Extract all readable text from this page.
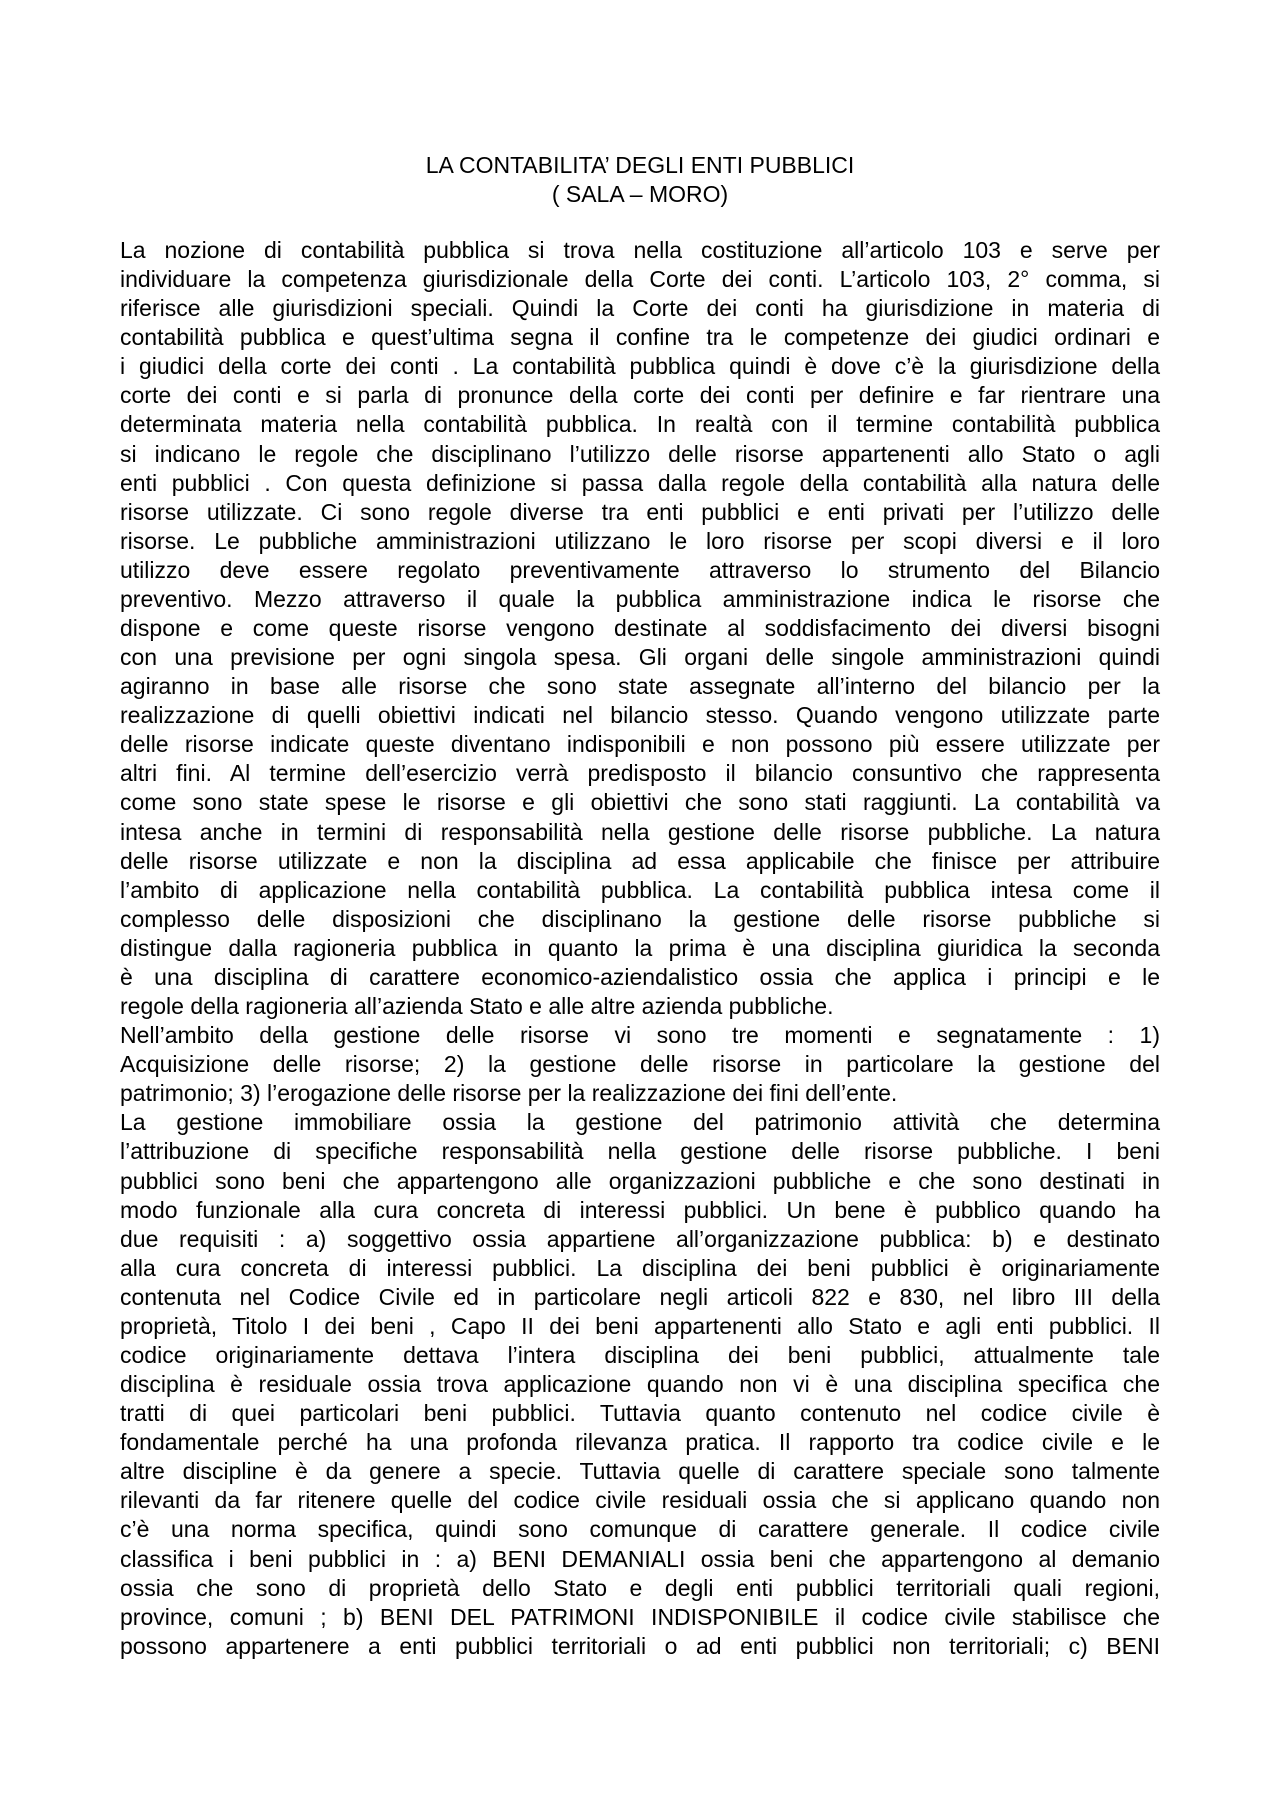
LA CONTABILITA’ DEGLI ENTI PUBBLICI
( SALA – MORO)
La nozione di contabilità pubblica si trova nella costituzione all’articolo 103 e serve per
individuare la competenza giurisdizionale della Corte dei conti. L’articolo 103, 2° comma, si
riferisce alle giurisdizioni speciali. Quindi la Corte dei conti ha giurisdizione in materia di
contabilità pubblica e quest’ultima segna il confine tra le competenze dei giudici ordinari e
i giudici della corte dei conti . La contabilità pubblica quindi è dove c’è la giurisdizione della
corte dei conti e si parla di pronunce della corte dei conti per definire e far rientrare una
determinata materia nella contabilità pubblica. In realtà con il termine contabilità pubblica
si indicano le regole che disciplinano l’utilizzo delle risorse appartenenti allo Stato o agli
enti pubblici . Con questa definizione si passa dalla regole della contabilità alla natura delle
risorse utilizzate. Ci sono regole diverse tra enti pubblici e enti privati per l’utilizzo delle
risorse. Le pubbliche amministrazioni utilizzano le loro risorse per scopi diversi e il loro
utilizzo deve essere regolato preventivamente attraverso lo strumento del Bilancio
preventivo. Mezzo attraverso il quale la pubblica amministrazione indica le risorse che
dispone e come queste risorse vengono destinate al soddisfacimento dei diversi bisogni
con una previsione per ogni singola spesa. Gli organi delle singole amministrazioni quindi
agiranno in base alle risorse che sono state assegnate all’interno del bilancio per la
realizzazione di quelli obiettivi indicati nel bilancio stesso. Quando vengono utilizzate parte
delle risorse indicate queste diventano indisponibili e non possono più essere utilizzate per
altri fini. Al termine dell’esercizio verrà predisposto il bilancio consuntivo che rappresenta
come sono state spese le risorse e gli obiettivi che sono stati raggiunti. La contabilità va
intesa anche in termini di responsabilità nella gestione delle risorse pubbliche. La natura
delle risorse utilizzate e non la disciplina ad essa applicabile che finisce per attribuire
l’ambito di applicazione nella contabilità pubblica. La contabilità pubblica intesa come il
complesso delle disposizioni che disciplinano la gestione delle risorse pubbliche si
distingue dalla ragioneria pubblica in quanto la prima è una disciplina giuridica la seconda
è una disciplina di carattere economico-aziendalistico ossia che applica i principi e le
regole della ragioneria all’azienda Stato e alle altre azienda pubbliche.
Nell’ambito della gestione delle risorse vi sono tre momenti e segnatamente : 1)
Acquisizione delle risorse; 2) la gestione delle risorse in particolare la gestione del
patrimonio; 3) l’erogazione delle risorse per la realizzazione dei fini dell’ente.
La gestione immobiliare ossia la gestione del patrimonio attività che determina
l’attribuzione di specifiche responsabilità nella gestione delle risorse pubbliche. I beni
pubblici sono beni che appartengono alle organizzazioni pubbliche e che sono destinati in
modo funzionale alla cura concreta di interessi pubblici. Un bene è pubblico quando ha
due requisiti : a) soggettivo ossia appartiene all’organizzazione pubblica: b) e destinato
alla cura concreta di interessi pubblici. La disciplina dei beni pubblici è originariamente
contenuta nel Codice Civile ed in particolare negli articoli 822 e 830, nel libro III della
proprietà, Titolo I dei beni , Capo II dei beni appartenenti allo Stato e agli enti pubblici. Il
codice originariamente dettava l’intera disciplina dei beni pubblici, attualmente tale
disciplina è residuale ossia trova applicazione quando non vi è una disciplina specifica che
tratti di quei particolari beni pubblici. Tuttavia quanto contenuto nel codice civile è
fondamentale perché ha una profonda rilevanza pratica. Il rapporto tra codice civile e le
altre discipline è da genere a specie. Tuttavia quelle di carattere speciale sono talmente
rilevanti da far ritenere quelle del codice civile residuali ossia che si applicano quando non
c’è una norma specifica, quindi sono comunque di carattere generale. Il codice civile
classifica i beni pubblici in : a) BENI DEMANIALI ossia beni che appartengono al demanio
ossia che sono di proprietà dello Stato e degli enti pubblici territoriali quali regioni,
province, comuni ; b) BENI DEL PATRIMONI INDISPONIBILE il codice civile stabilisce che
possono appartenere a enti pubblici territoriali o ad enti pubblici non territoriali; c) BENI
